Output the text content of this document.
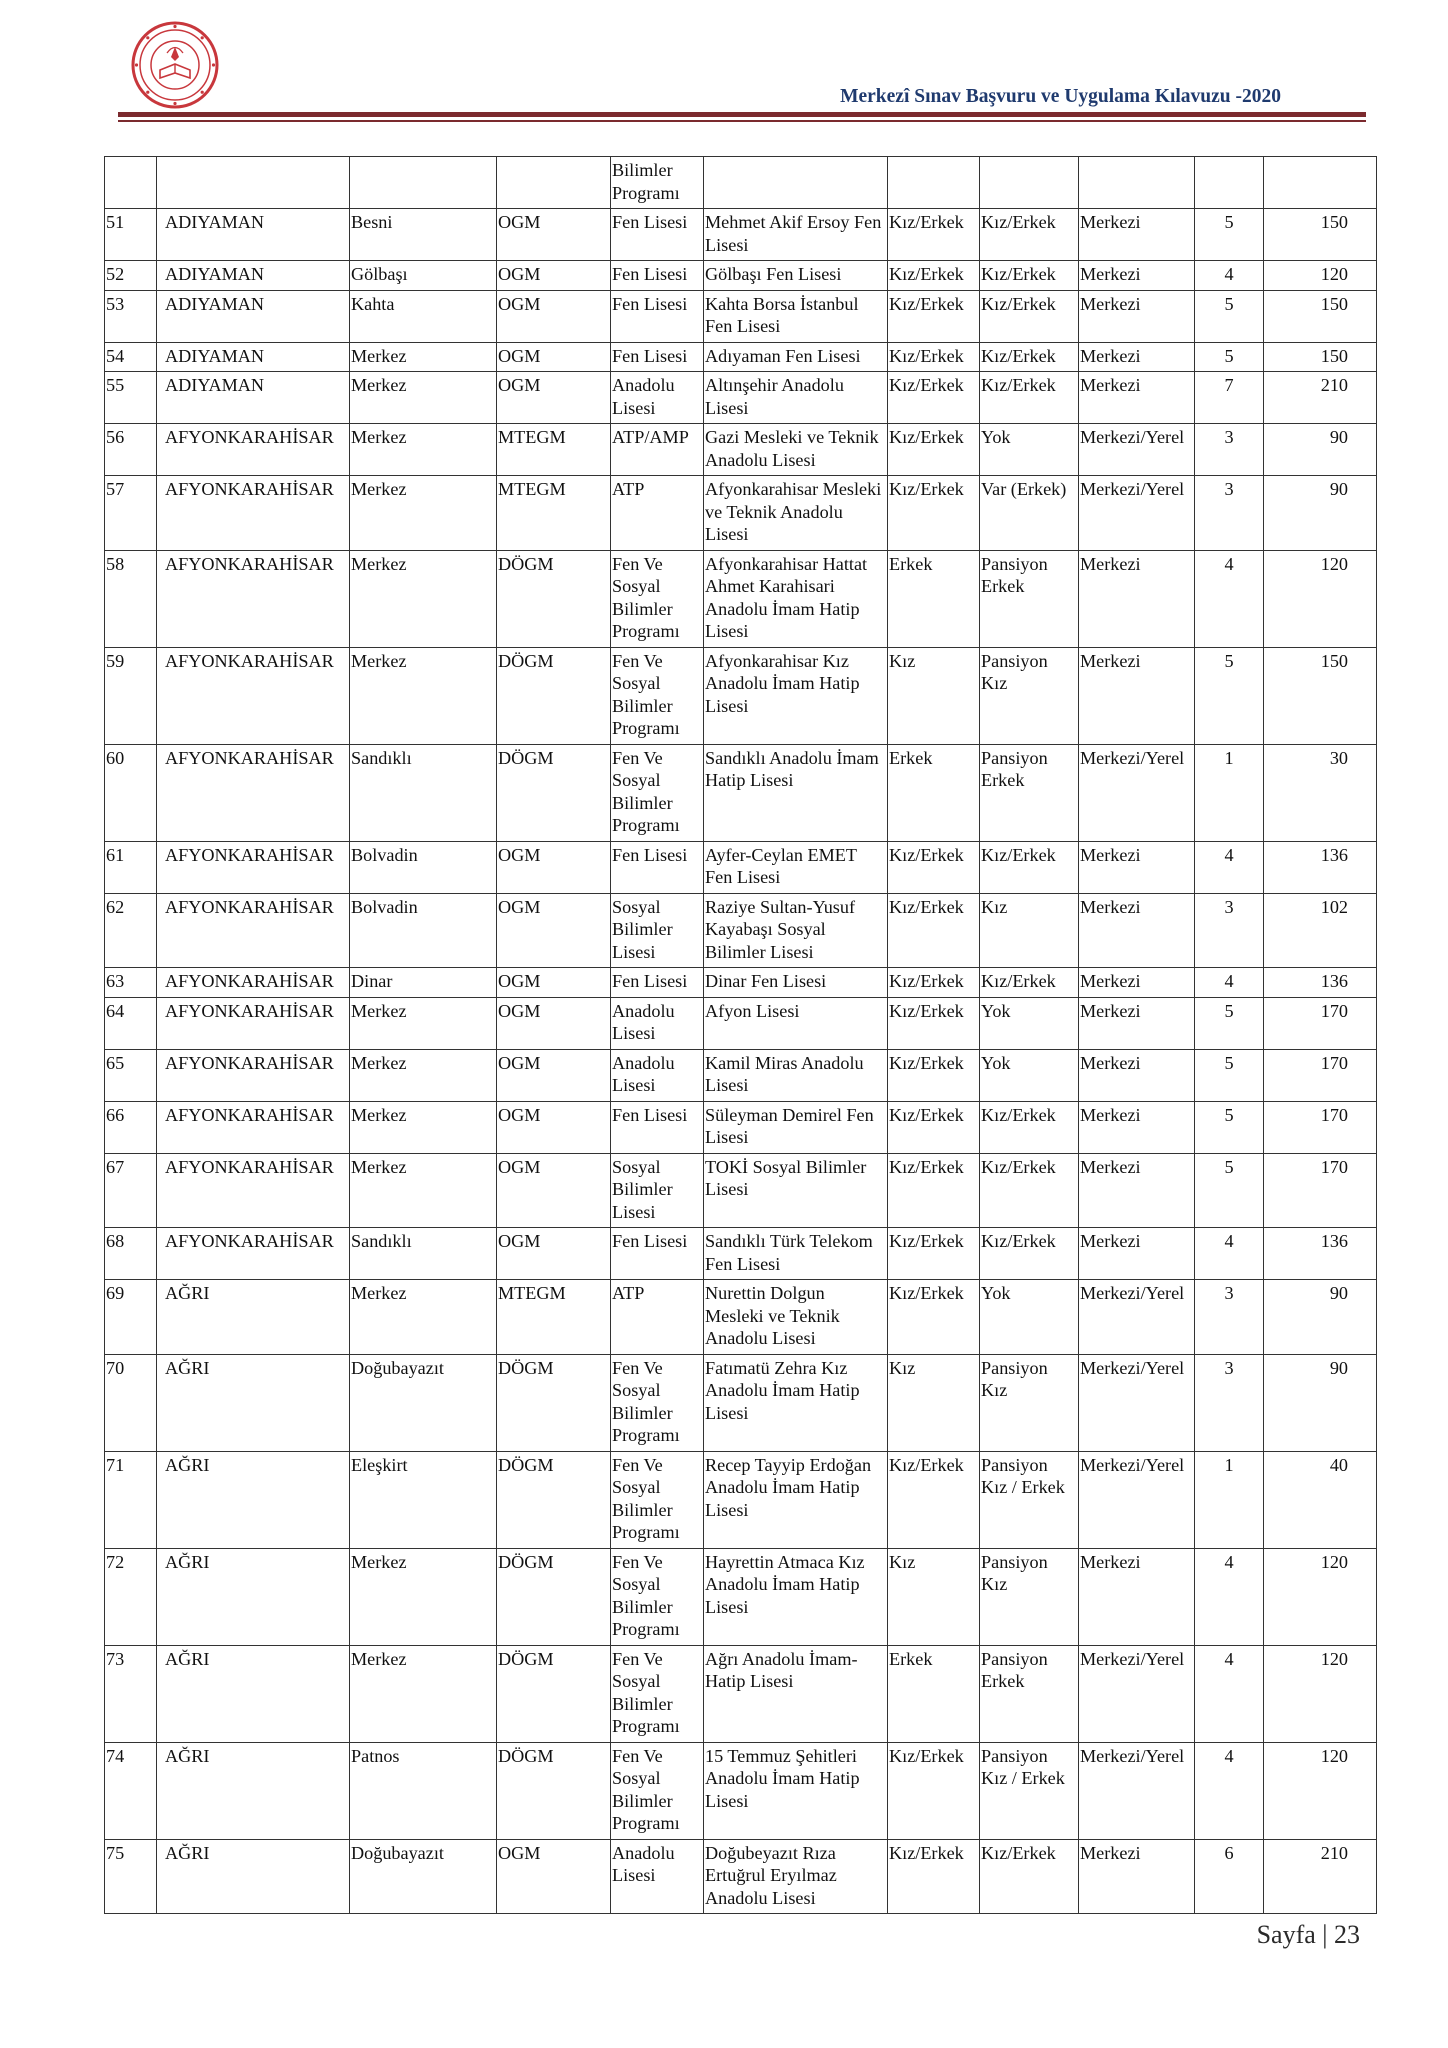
Merkezî Sınav Başvuru ve Uygulama Kılavuzu -2020
				Bilimler Programı						
51	ADIYAMAN	Besni	OGM	Fen Lisesi	Mehmet Akif Ersoy Fen Lisesi	Kız/Erkek	Kız/Erkek	Merkezi	5	150
52	ADIYAMAN	Gölbaşı	OGM	Fen Lisesi	Gölbaşı Fen Lisesi	Kız/Erkek	Kız/Erkek	Merkezi	4	120
53	ADIYAMAN	Kahta	OGM	Fen Lisesi	Kahta Borsa İstanbul Fen Lisesi	Kız/Erkek	Kız/Erkek	Merkezi	5	150
54	ADIYAMAN	Merkez	OGM	Fen Lisesi	Adıyaman Fen Lisesi	Kız/Erkek	Kız/Erkek	Merkezi	5	150
55	ADIYAMAN	Merkez	OGM	Anadolu Lisesi	Altınşehir Anadolu Lisesi	Kız/Erkek	Kız/Erkek	Merkezi	7	210
56	AFYONKARAHİSAR	Merkez	MTEGM	ATP/AMP	Gazi Mesleki ve Teknik Anadolu Lisesi	Kız/Erkek	Yok	Merkezi/Yerel	3	90
57	AFYONKARAHİSAR	Merkez	MTEGM	ATP	Afyonkarahisar Mesleki ve Teknik Anadolu Lisesi	Kız/Erkek	Var (Erkek)	Merkezi/Yerel	3	90
58	AFYONKARAHİSAR	Merkez	DÖGM	Fen Ve Sosyal Bilimler Programı	Afyonkarahisar Hattat Ahmet Karahisari Anadolu İmam Hatip Lisesi	Erkek	Pansiyon Erkek	Merkezi	4	120
59	AFYONKARAHİSAR	Merkez	DÖGM	Fen Ve Sosyal Bilimler Programı	Afyonkarahisar Kız Anadolu İmam Hatip Lisesi	Kız	Pansiyon Kız	Merkezi	5	150
60	AFYONKARAHİSAR	Sandıklı	DÖGM	Fen Ve Sosyal Bilimler Programı	Sandıklı Anadolu İmam Hatip Lisesi	Erkek	Pansiyon Erkek	Merkezi/Yerel	1	30
61	AFYONKARAHİSAR	Bolvadin	OGM	Fen Lisesi	Ayfer-Ceylan EMET Fen Lisesi	Kız/Erkek	Kız/Erkek	Merkezi	4	136
62	AFYONKARAHİSAR	Bolvadin	OGM	Sosyal Bilimler Lisesi	Raziye Sultan-Yusuf Kayabaşı Sosyal Bilimler Lisesi	Kız/Erkek	Kız	Merkezi	3	102
63	AFYONKARAHİSAR	Dinar	OGM	Fen Lisesi	Dinar Fen Lisesi	Kız/Erkek	Kız/Erkek	Merkezi	4	136
64	AFYONKARAHİSAR	Merkez	OGM	Anadolu Lisesi	Afyon Lisesi	Kız/Erkek	Yok	Merkezi	5	170
65	AFYONKARAHİSAR	Merkez	OGM	Anadolu Lisesi	Kamil Miras Anadolu Lisesi	Kız/Erkek	Yok	Merkezi	5	170
66	AFYONKARAHİSAR	Merkez	OGM	Fen Lisesi	Süleyman Demirel Fen Lisesi	Kız/Erkek	Kız/Erkek	Merkezi	5	170
67	AFYONKARAHİSAR	Merkez	OGM	Sosyal Bilimler Lisesi	TOKİ Sosyal Bilimler Lisesi	Kız/Erkek	Kız/Erkek	Merkezi	5	170
68	AFYONKARAHİSAR	Sandıklı	OGM	Fen Lisesi	Sandıklı Türk Telekom Fen Lisesi	Kız/Erkek	Kız/Erkek	Merkezi	4	136
69	AĞRI	Merkez	MTEGM	ATP	Nurettin Dolgun Mesleki ve Teknik Anadolu Lisesi	Kız/Erkek	Yok	Merkezi/Yerel	3	90
70	AĞRI	Doğubayazıt	DÖGM	Fen Ve Sosyal Bilimler Programı	Fatımatü Zehra Kız Anadolu İmam Hatip Lisesi	Kız	Pansiyon Kız	Merkezi/Yerel	3	90
71	AĞRI	Eleşkirt	DÖGM	Fen Ve Sosyal Bilimler Programı	Recep Tayyip Erdoğan Anadolu İmam Hatip Lisesi	Kız/Erkek	Pansiyon Kız / Erkek	Merkezi/Yerel	1	40
72	AĞRI	Merkez	DÖGM	Fen Ve Sosyal Bilimler Programı	Hayrettin Atmaca Kız Anadolu İmam Hatip Lisesi	Kız	Pansiyon Kız	Merkezi	4	120
73	AĞRI	Merkez	DÖGM	Fen Ve Sosyal Bilimler Programı	Ağrı Anadolu İmam-Hatip Lisesi	Erkek	Pansiyon Erkek	Merkezi/Yerel	4	120
74	AĞRI	Patnos	DÖGM	Fen Ve Sosyal Bilimler Programı	15 Temmuz Şehitleri Anadolu İmam Hatip Lisesi	Kız/Erkek	Pansiyon Kız / Erkek	Merkezi/Yerel	4	120
75	AĞRI	Doğubayazıt	OGM	Anadolu Lisesi	Doğubeyazıt Rıza Ertuğrul Eryılmaz Anadolu Lisesi	Kız/Erkek	Kız/Erkek	Merkezi	6	210
Sayfa | 23
